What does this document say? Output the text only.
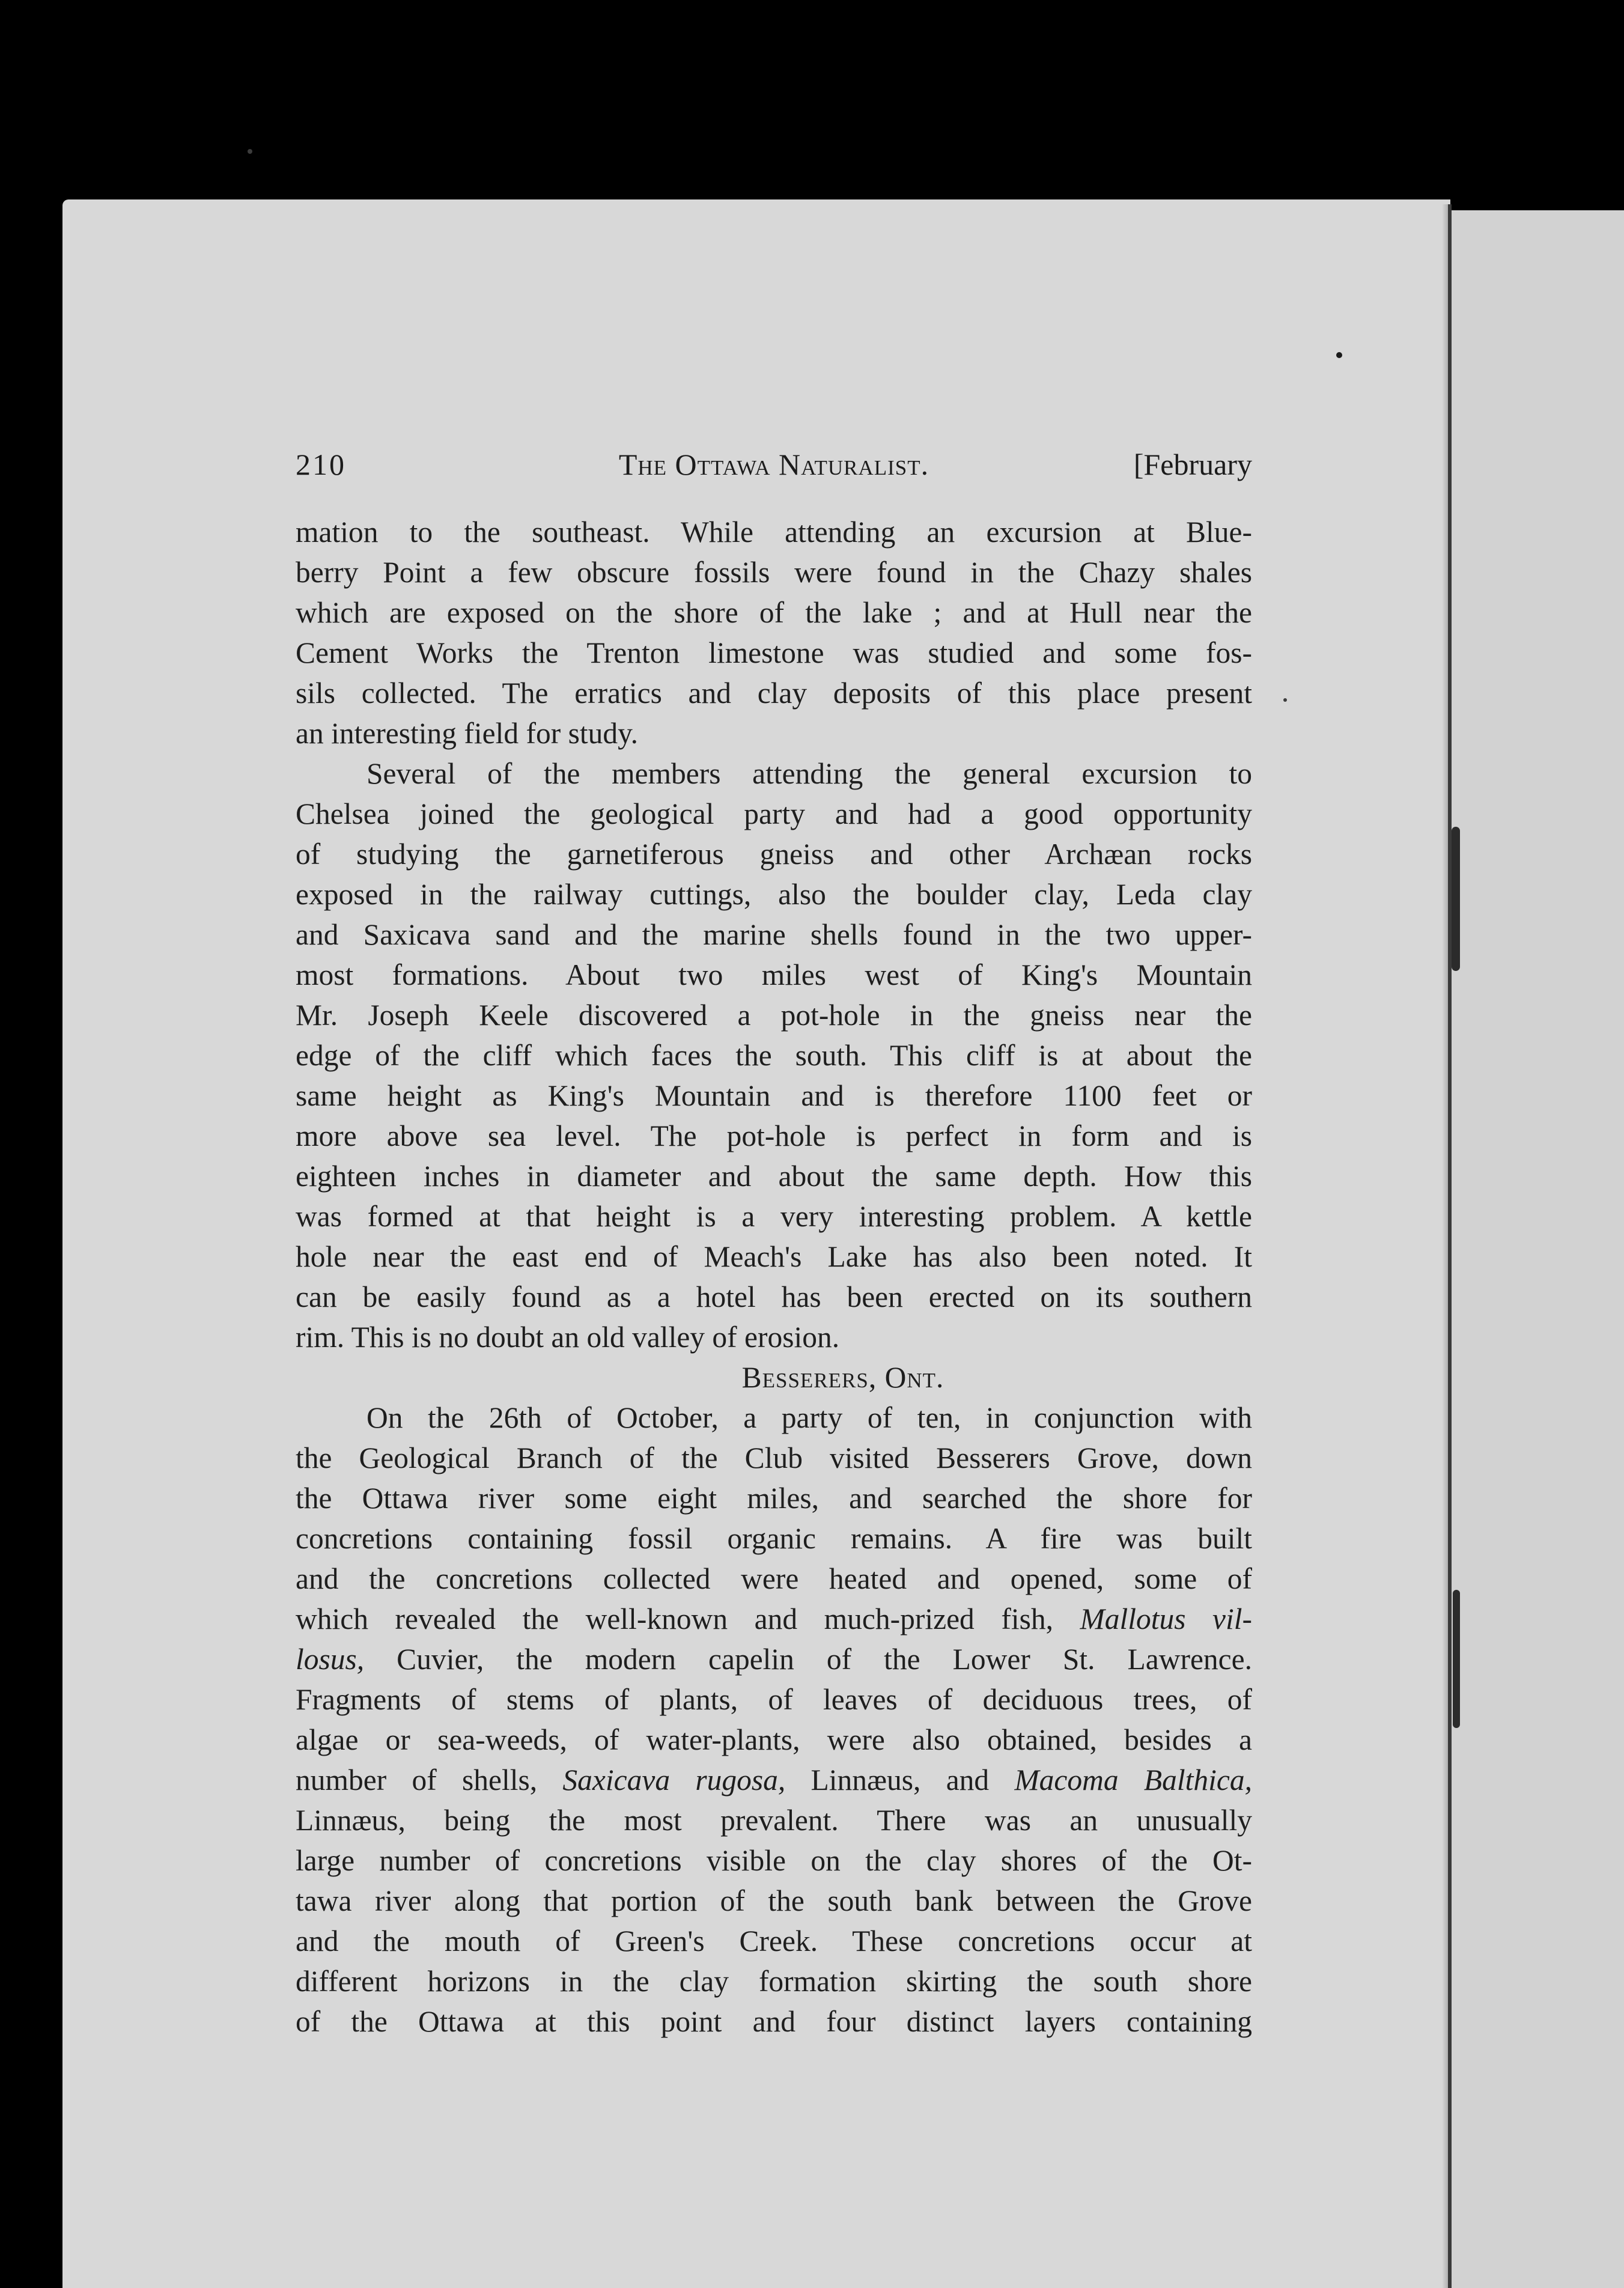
210	The Ottawa Naturalist.	[February
mation to the southeast. While attending an excursion at Blue-
berry Point a few obscure fossils were found in the Chazy shales
which are exposed on the shore of the lake ; and at Hull near the
Cement Works the Trenton limestone was studied and some fos-
sils collected. The erratics and clay deposits of this place present
an interesting field for study.
Several of the members attending the general excursion to
Chelsea joined the geological party and had a good opportunity
of studying the garnetiferous gneiss and other Archæan rocks
exposed in the railway cuttings, also the boulder clay, Leda clay
and Saxicava sand and the marine shells found in the two upper-
most formations. About two miles west of King's Mountain
Mr. Joseph Keele discovered a pot-hole in the gneiss near the
edge of the cliff which faces the south. This cliff is at about the
same height as King's Mountain and is therefore 1100 feet or
more above sea level. The pot-hole is perfect in form and is
eighteen inches in diameter and about the same depth. How this
was formed at that height is a very interesting problem. A kettle
hole near the east end of Meach's Lake has also been noted. It
can be easily found as a hotel has been erected on its southern
rim. This is no doubt an old valley of erosion.
Besserers, Ont.
On the 26th of October, a party of ten, in conjunction with
the Geological Branch of the Club visited Besserers Grove, down
the Ottawa river some eight miles, and searched the shore for
concretions containing fossil organic remains. A fire was built
and the concretions collected were heated and opened, some of
which revealed the well-known and much-prized fish, Mallotus vil-
losus, Cuvier, the modern capelin of the Lower St. Lawrence.
Fragments of stems of plants, of leaves of deciduous trees, of
algae or sea-weeds, of water-plants, were also obtained, besides a
number of shells, Saxicava rugosa, Linnæus, and Macoma Balthica,
Linnæus, being the most prevalent. There was an unusually
large number of concretions visible on the clay shores of the Ot-
tawa river along that portion of the south bank between the Grove
and the mouth of Green's Creek. These concretions occur at
different horizons in the clay formation skirting the south shore
of the Ottawa at this point and four distinct layers containing
